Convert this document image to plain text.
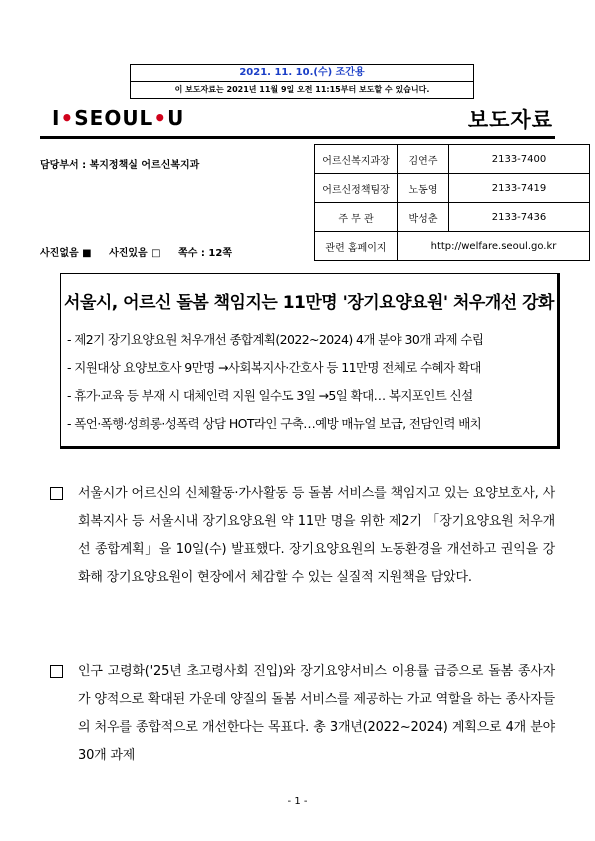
2021. 11. 10.(수) 조간용
이 보도자료는 2021년 11월 9일 오전 11:15부터 보도할 수 있습니다.
I•SEOUL•U	보도자료
담당부서 : 복지정책실 어르신복지과	어르신복지과장	김연주	2133-7400
어르신정책팀장	노동영	2133-7419
주 무 관	박성춘	2133-7436
관련 홈페이지	http://welfare.seoul.go.kr	
사진없음 ■ 사진있음 □ 쪽수 : 12쪽
서울시, 어르신 돌봄 책임지는 11만명 '장기요양요원' 처우개선 강화
- 제2기 장기요양요원 처우개선 종합계획(2022~2024) 4개 분야 30개 과제 수립
- 지원대상 요양보호사 9만명 →사회복지사·간호사 등 11만명 전체로 수혜자 확대
- 휴가·교육 등 부재 시 대체인력 지원 일수도 3일 →5일 확대… 복지포인트 신설
- 폭언·폭행·성희롱·성폭력 상담 HOT라인 구축…예방 매뉴얼 보급, 전담인력 배치
서울시가 어르신의 신체활동·가사활동 등 돌봄 서비스를 책임지고 있는 요양보호사, 사회복지사 등 서울시내 장기요양요원 약 11만 명을 위한 제2기 「장기요양요원 처우개선 종합계획」을 10일(수) 발표했다. 장기요양요원의 노동환경을 개선하고 권익을 강화해 장기요양요원이 현장에서 체감할 수 있는 실질적 지원책을 담았다.
인구 고령화('25년 초고령사회 진입)와 장기요양서비스 이용률 급증으로 돌봄 종사자가 양적으로 확대된 가운데 양질의 돌봄 서비스를 제공하는 가교 역할을 하는 종사자들의 처우를 종합적으로 개선한다는 목표다. 총 3개년(2022~2024) 계획으로 4개 분야 30개 과제
- 1 -
